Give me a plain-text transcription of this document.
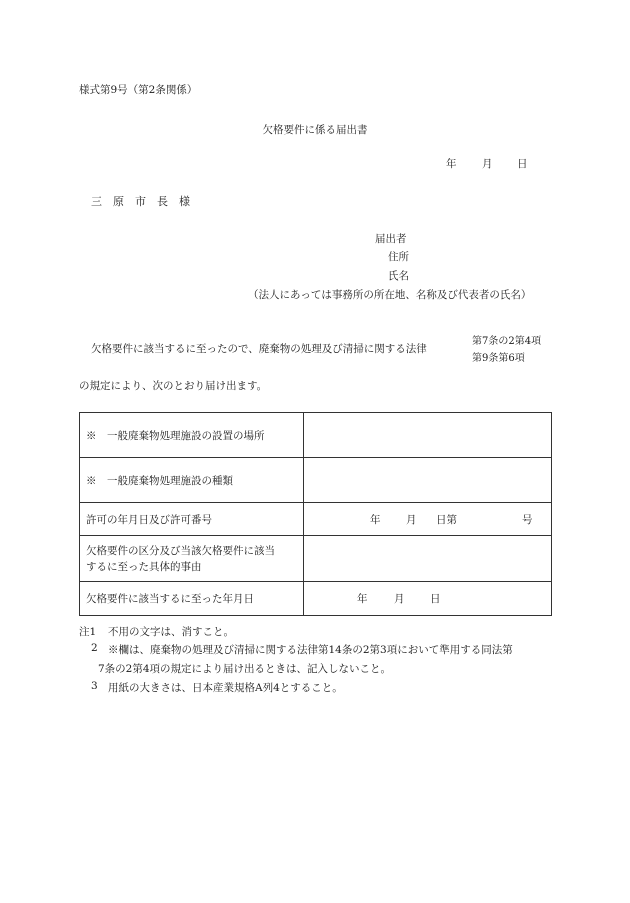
様式第9号（第2条関係）
欠格要件に係る届出書
年 月 日
三　原　市　長　様
届出者
住所
氏名
（法人にあっては事務所の所在地、名称及び代表者の氏名）
欠格要件に該当するに至ったので、廃棄物の処理及び清掃に関する法律
第7条の2第4項
第9条第6項
の規定により、次のとおり届け出ます。
※　一般廃棄物処理施設の設置の場所	
※　一般廃棄物処理施設の種類	
許可の年月日及び許可番号	年 月 日第 号

欠格要件の区分及び当該欠格要件に該当
するに至った具体的事由	

欠格要件に該当するに至った年月日	年 月 日
注1 不用の文字は、消すこと。
2 ※欄は、廃棄物の処理及び清掃に関する法律第14条の2第3項において準用する同法第
7条の2第4項の規定により届け出るときは、記入しないこと。
3 用紙の大きさは、日本産業規格A列4とすること。
